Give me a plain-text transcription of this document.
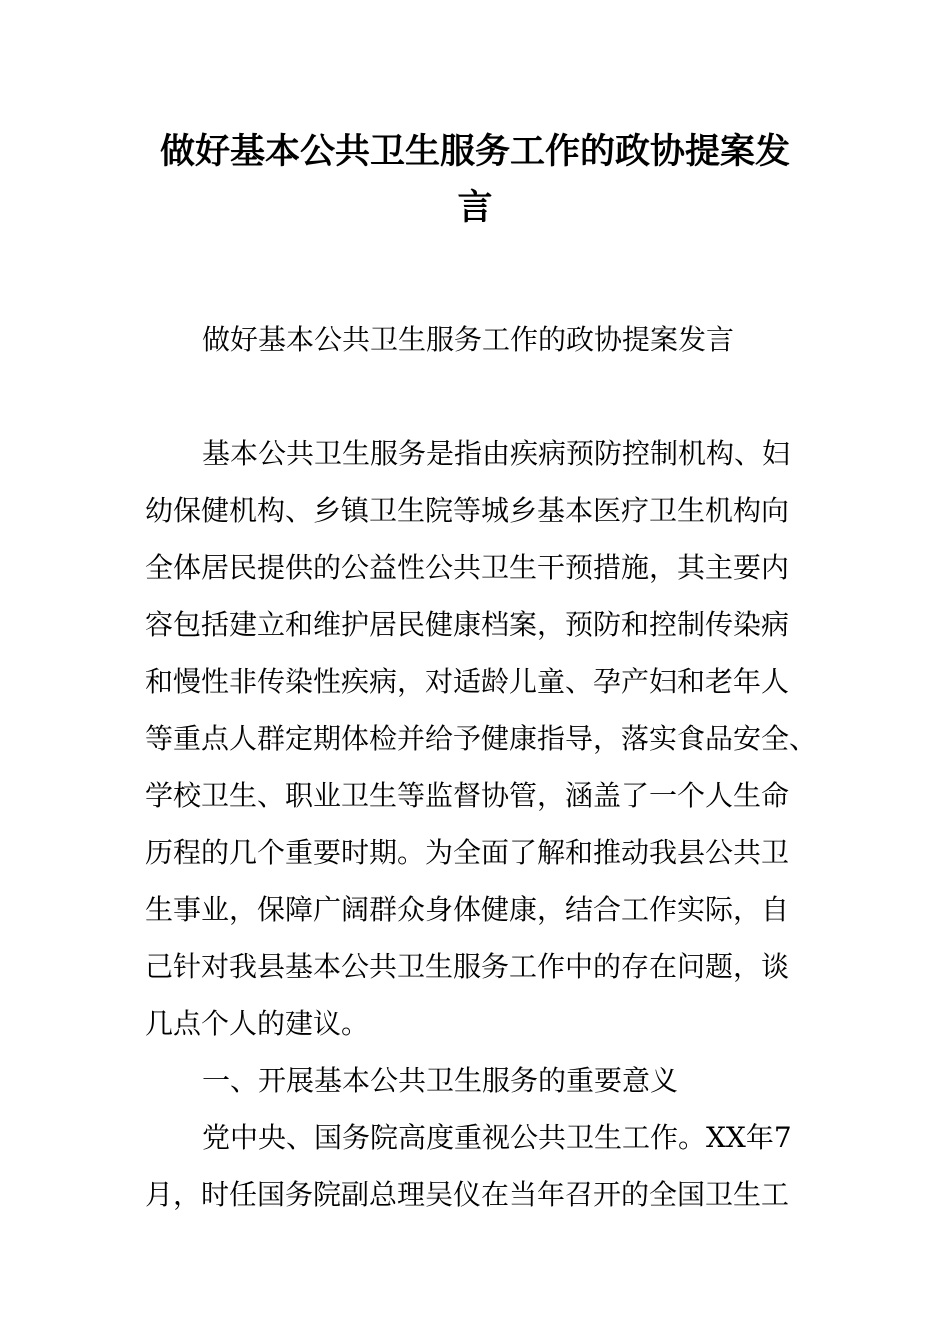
做好基本公共卫生服务工作的政协提案发
言

做好基本公共卫生服务工作的政协提案发言

基本公共卫生服务是指由疾病预防控制机构、妇

幼保健机构、乡镇卫生院等城乡基本医疗卫生机构向

全体居民提供的公益性公共卫生干预措施，其主要内

容包括建立和维护居民健康档案，预防和控制传染病

和慢性非传染性疾病，对适龄儿童、孕产妇和老年人

等重点人群定期体检并给予健康指导，落实食品安全、

学校卫生、职业卫生等监督协管，涵盖了一个人生命

历程的几个重要时期。为全面了解和推动我县公共卫

生事业，保障广阔群众身体健康，结合工作实际，自

己针对我县基本公共卫生服务工作中的存在问题，谈

几点个人的建议。

一、开展基本公共卫生服务的重要意义

党中央、国务院高度重视公共卫生工作。XX年7

月，时任国务院副总理吴仪在当年召开的全国卫生工
